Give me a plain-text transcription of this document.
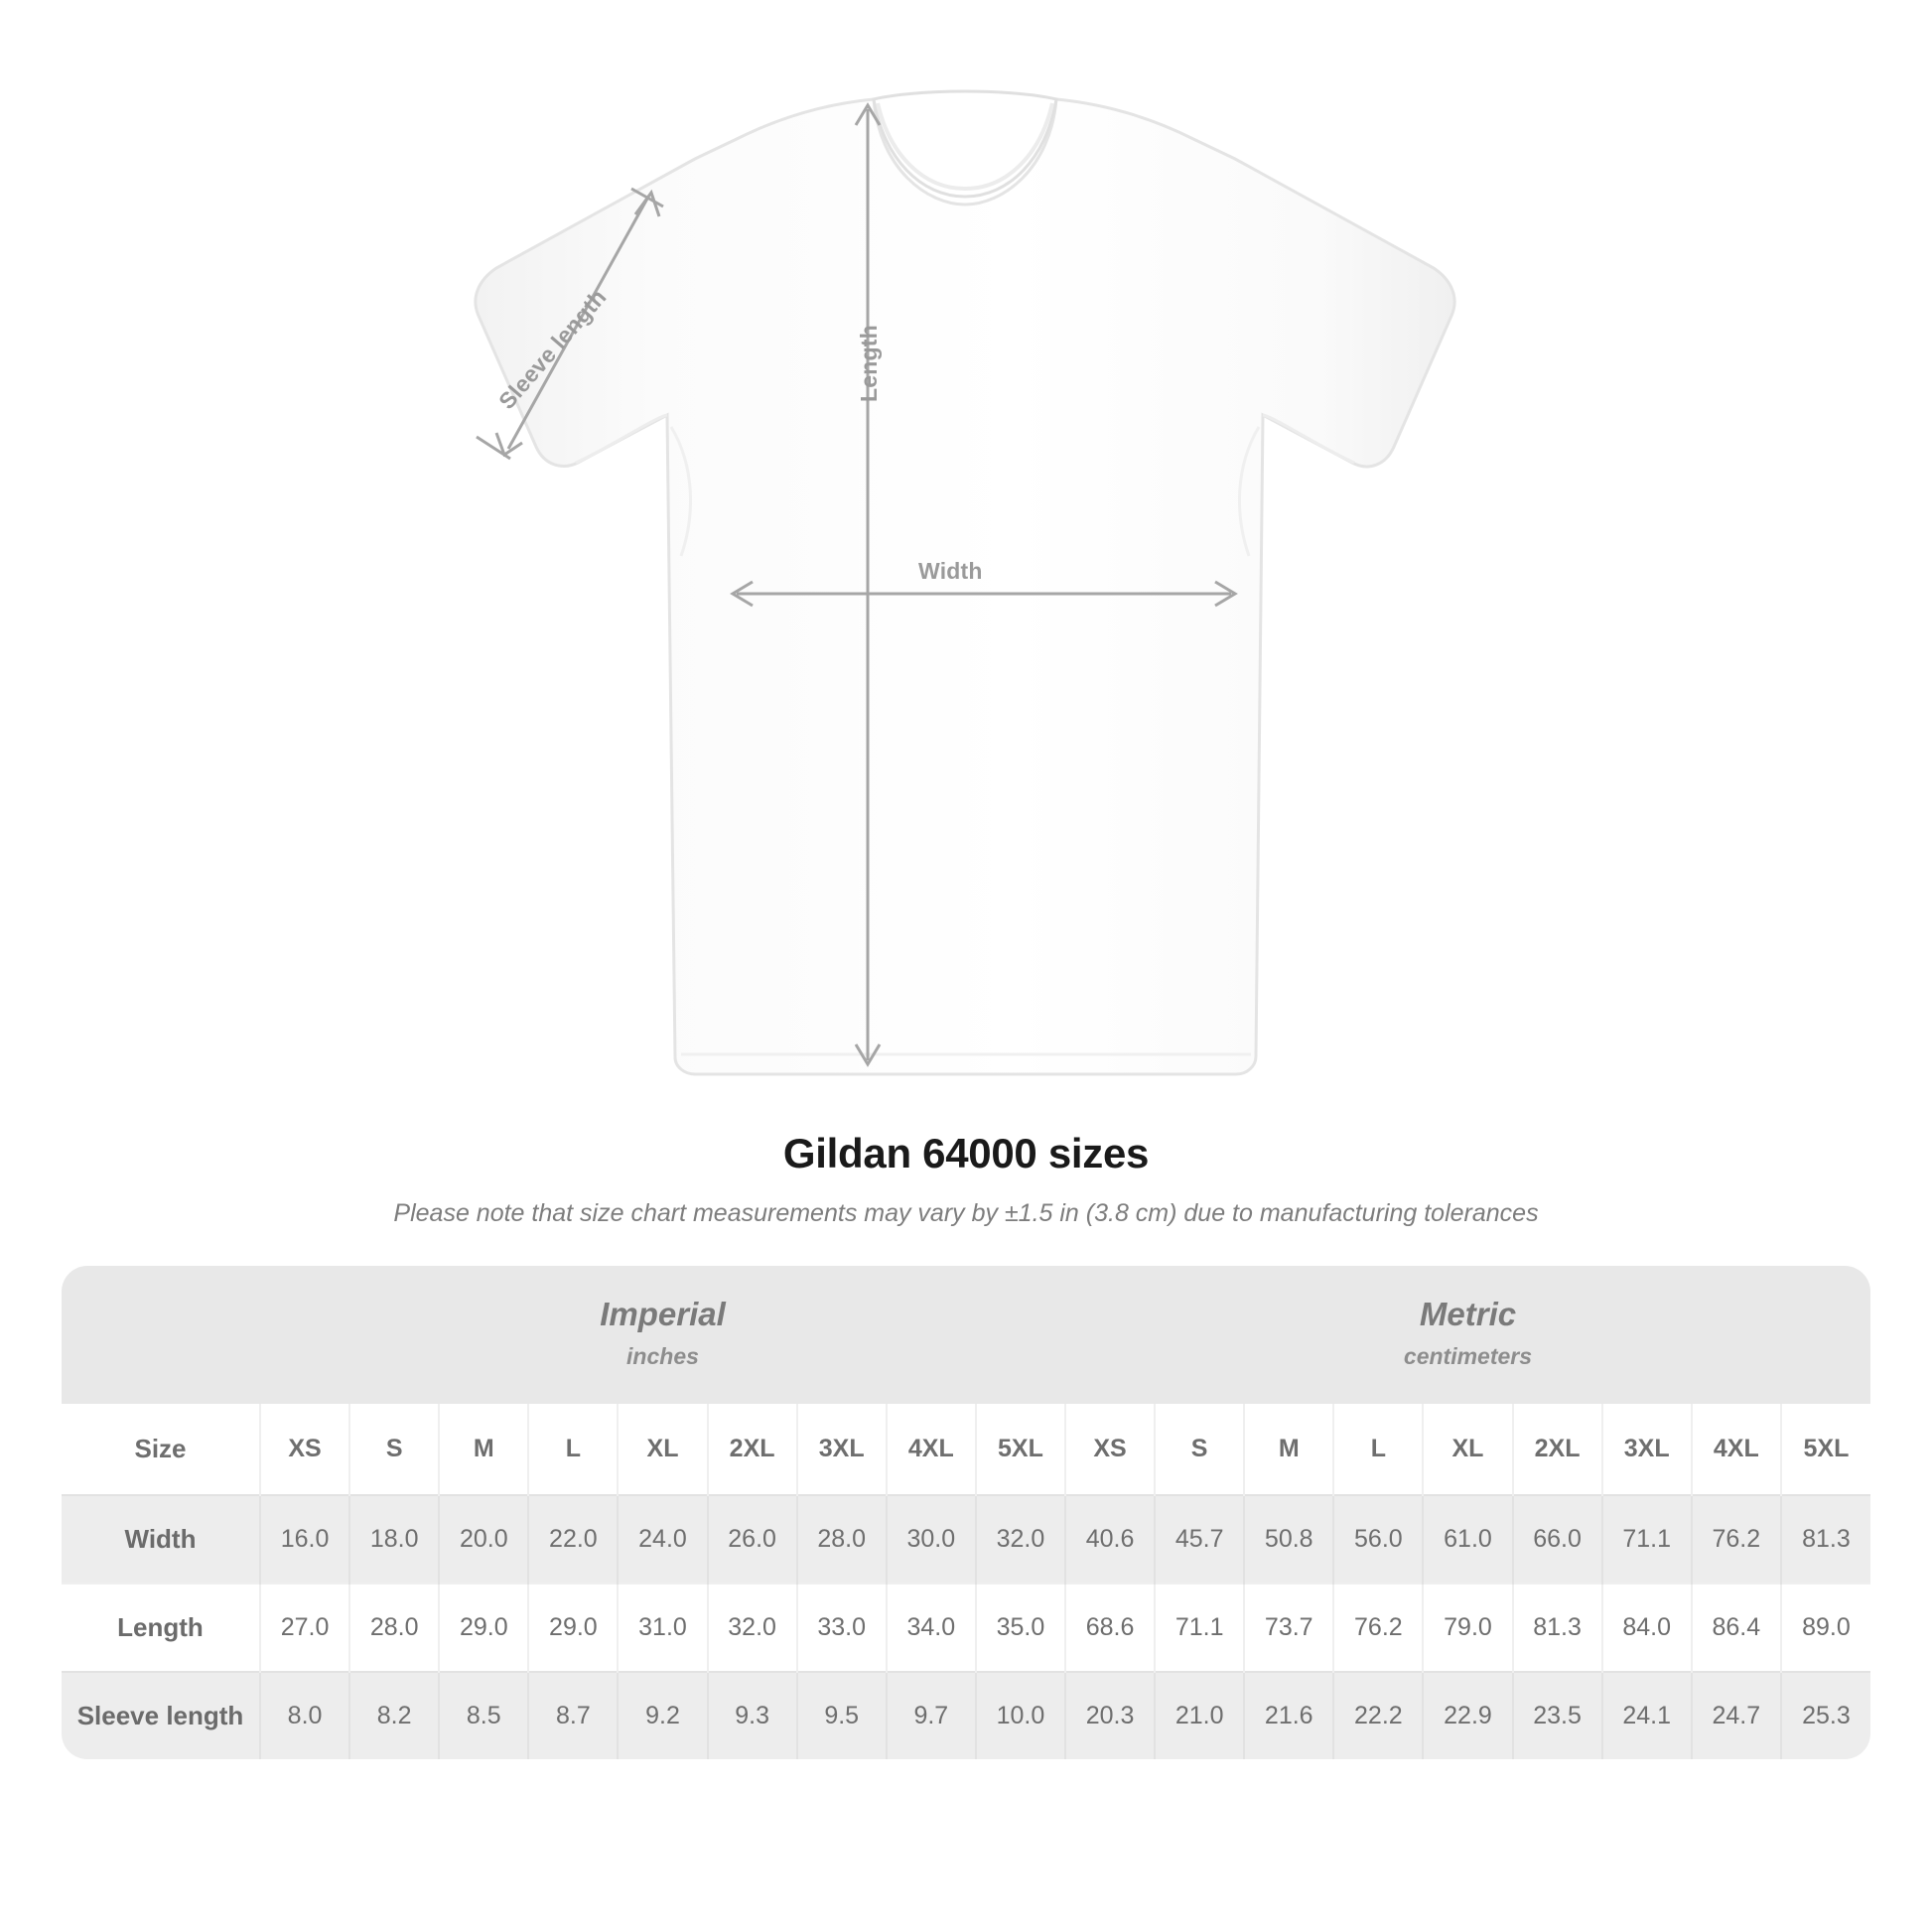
Width
Length
Sleeve length
Gildan 64000 sizes
Please note that size chart measurements may vary by ±1.5 in (3.8 cm) due to manufacturing tolerances

	Imperial
inches									Metric
centimeters								

Size	XS	S	M	L	XL	2XL	3XL	4XL	5XL	XS	S	M	L	XL	2XL	3XL	4XL	5XL
Width	16.0	18.0	20.0	22.0	24.0	26.0	28.0	30.0	32.0	40.6	45.7	50.8	56.0	61.0	66.0	71.1	76.2	81.3
Length	27.0	28.0	29.0	29.0	31.0	32.0	33.0	34.0	35.0	68.6	71.1	73.7	76.2	79.0	81.3	84.0	86.4	89.0
Sleeve length	8.0	8.2	8.5	8.7	9.2	9.3	9.5	9.7	10.0	20.3	21.0	21.6	22.2	22.9	23.5	24.1	24.7	25.3
